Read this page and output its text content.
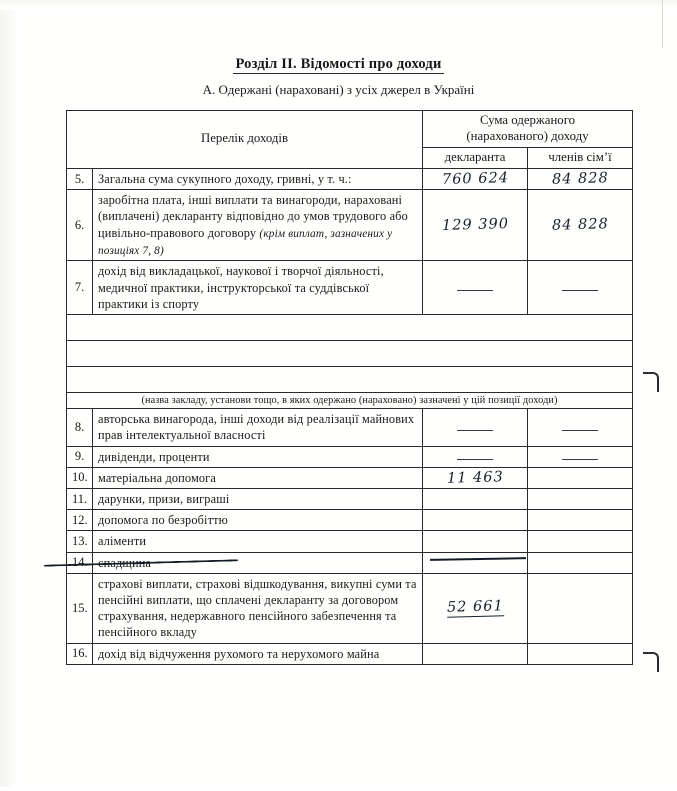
Розділ ІІ. Відомості про доходи
А. Одержані (нараховані) з усіх джерел в Україні
Перелік доходів		Сума одержаного
(нарахованого) доходу	

		декларанта	членів сім’ї
5.	Загальна сума сукупного доходу, гривні, у т. ч.:	760 624	84 828
6.	заробітна плата, інші виплати та винагороди, нараховані (виплачені) декларанту відповідно до умов трудового або цивільно-правового договору (крім виплат, зазначених у позиціях 7, 8)	129 390	84 828
7.	дохід від викладацької, наукової і творчої діяльності, медичної практики, інструкторської та суддівської практики із спорту		

(назва закладу, установи тощо, в яких одержано (нараховано) зазначені у цій позиції доходи)			
8.	авторська винагорода, інші доходи від реалізації майнових прав інтелектуальної власності		
9.	дивіденди, проценти		
10.	матеріальна допомога	11 463	
11.	дарунки, призи, виграші		
12.	допомога по безробіттю		
13.	аліменти		
14.	спадщина		
15.	страхові виплати, страхові відшкодування, викупні суми та пенсійні виплати, що сплачені декларанту за договором страхування, недержавного пенсійного забезпечення та пенсійного вкладу	52 661	
16.	дохід від відчуження рухомого та нерухомого майна		
